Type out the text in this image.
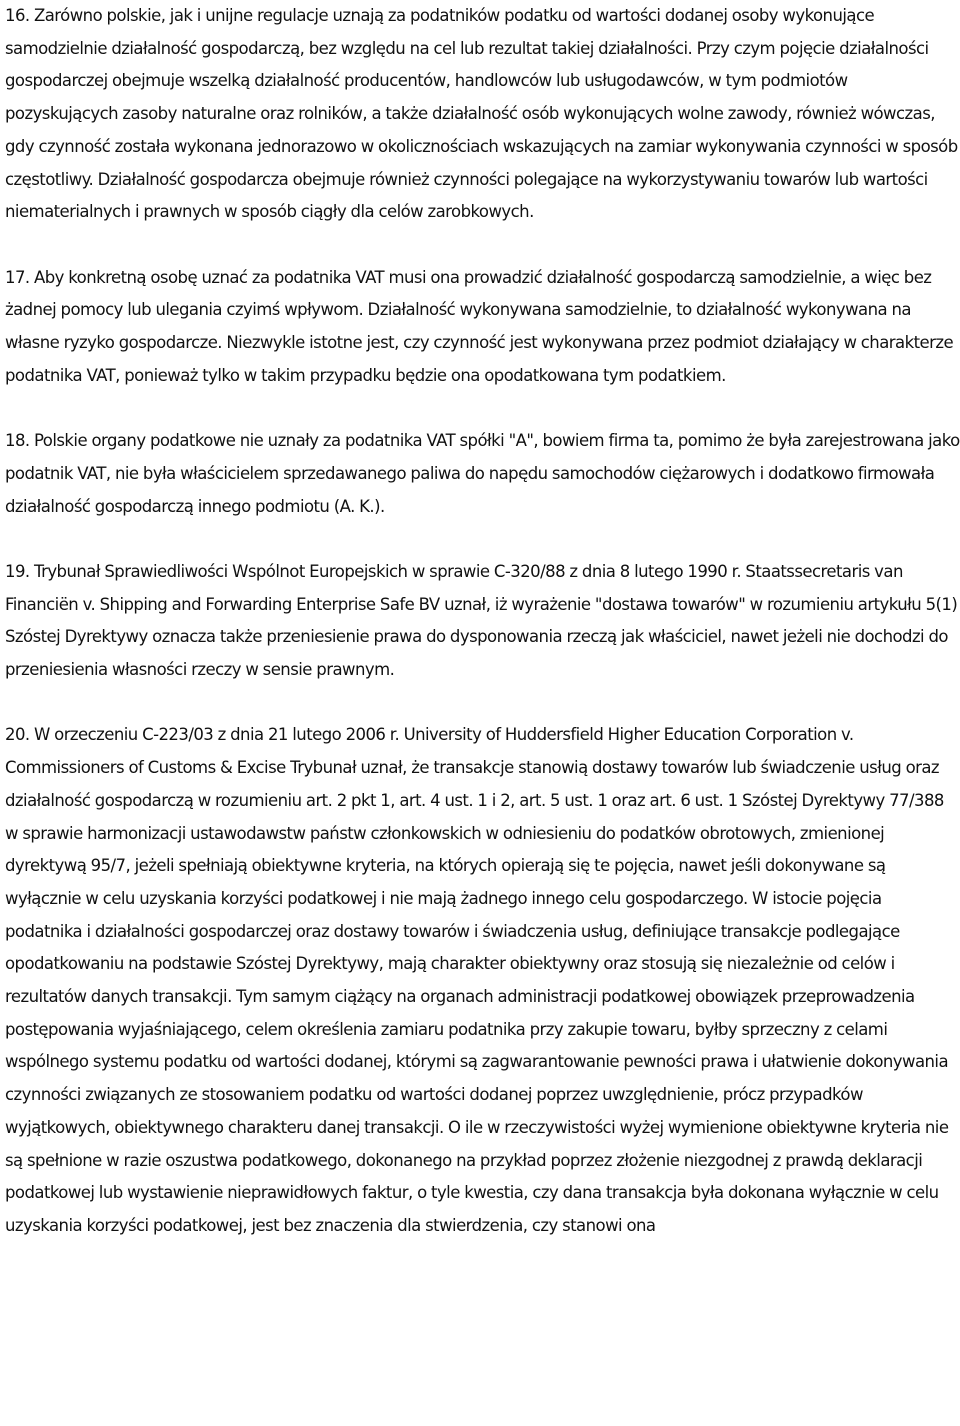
16. Zarówno polskie, jak i unijne regulacje uznają za podatników podatku od wartości dodanej osoby wykonujące samodzielnie działalność gospodarczą, bez względu na cel lub rezultat takiej działalności. Przy czym pojęcie działalności gospodarczej obejmuje wszelką działalność producentów, handlowców lub usługodawców, w tym podmiotów pozyskujących zasoby naturalne oraz rolników, a także działalność osób wykonujących wolne zawody, również wówczas, gdy czynność została wykonana jednorazowo w okolicznościach wskazujących na zamiar wykonywania czynności w sposób częstotliwy. Działalność gospodarcza obejmuje również czynności polegające na wykorzystywaniu towarów lub wartości niematerialnych i prawnych w sposób ciągły dla celów zarobkowych.

17. Aby konkretną osobę uznać za podatnika VAT musi ona prowadzić działalność gospodarczą samodzielnie, a więc bez żadnej pomocy lub ulegania czyimś wpływom. Działalność wykonywana samodzielnie, to działalność wykonywana na własne ryzyko gospodarcze. Niezwykle istotne jest, czy czynność jest wykonywana przez podmiot działający w charakterze podatnika VAT, ponieważ tylko w takim przypadku będzie ona opodatkowana tym podatkiem.

18. Polskie organy podatkowe nie uznały za podatnika VAT spółki "A", bowiem firma ta, pomimo że była zarejestrowana jako podatnik VAT, nie była właścicielem sprzedawanego paliwa do napędu samochodów ciężarowych i dodatkowo firmowała działalność gospodarczą innego podmiotu (A. K.).

19. Trybunał Sprawiedliwości Wspólnot Europejskich w sprawie C-320/88 z dnia 8 lutego 1990 r. Staatssecretaris van Financiën v. Shipping and Forwarding Enterprise Safe BV uznał, iż wyrażenie "dostawa towarów" w rozumieniu artykułu 5(1) Szóstej Dyrektywy oznacza także przeniesienie prawa do dysponowania rzeczą jak właściciel, nawet jeżeli nie dochodzi do przeniesienia własności rzeczy w sensie prawnym.

20. W orzeczeniu C-223/03 z dnia 21 lutego 2006 r. University of Huddersfield Higher Education Corporation v. Commissioners of Customs & Excise Trybunał uznał, że transakcje stanowią dostawy towarów lub świadczenie usług oraz działalność gospodarczą w rozumieniu art. 2 pkt 1, art. 4 ust. 1 i 2, art. 5 ust. 1 oraz art. 6 ust. 1 Szóstej Dyrektywy 77/388 w sprawie harmonizacji ustawodawstw państw członkowskich w odniesieniu do podatków obrotowych, zmienionej dyrektywą 95/7, jeżeli spełniają obiektywne kryteria, na których opierają się te pojęcia, nawet jeśli dokonywane są wyłącznie w celu uzyskania korzyści podatkowej i nie mają żadnego innego celu gospodarczego. W istocie pojęcia podatnika i działalności gospodarczej oraz dostawy towarów i świadczenia usług, definiujące transakcje podlegające opodatkowaniu na podstawie Szóstej Dyrektywy, mają charakter obiektywny oraz stosują się niezależnie od celów i rezultatów danych transakcji. Tym samym ciążący na organach administracji podatkowej obowiązek przeprowadzenia postępowania wyjaśniającego, celem określenia zamiaru podatnika przy zakupie towaru, byłby sprzeczny z celami wspólnego systemu podatku od wartości dodanej, którymi są zagwarantowanie pewności prawa i ułatwienie dokonywania czynności związanych ze stosowaniem podatku od wartości dodanej poprzez uwzględnienie, prócz przypadków wyjątkowych, obiektywnego charakteru danej transakcji. O ile w rzeczywistości wyżej wymienione obiektywne kryteria nie są spełnione w razie oszustwa podatkowego, dokonanego na przykład poprzez złożenie niezgodnej z prawdą deklaracji podatkowej lub wystawienie nieprawidłowych faktur, o tyle kwestia, czy dana transakcja była dokonana wyłącznie w celu uzyskania korzyści podatkowej, jest bez znaczenia dla stwierdzenia, czy stanowi ona
